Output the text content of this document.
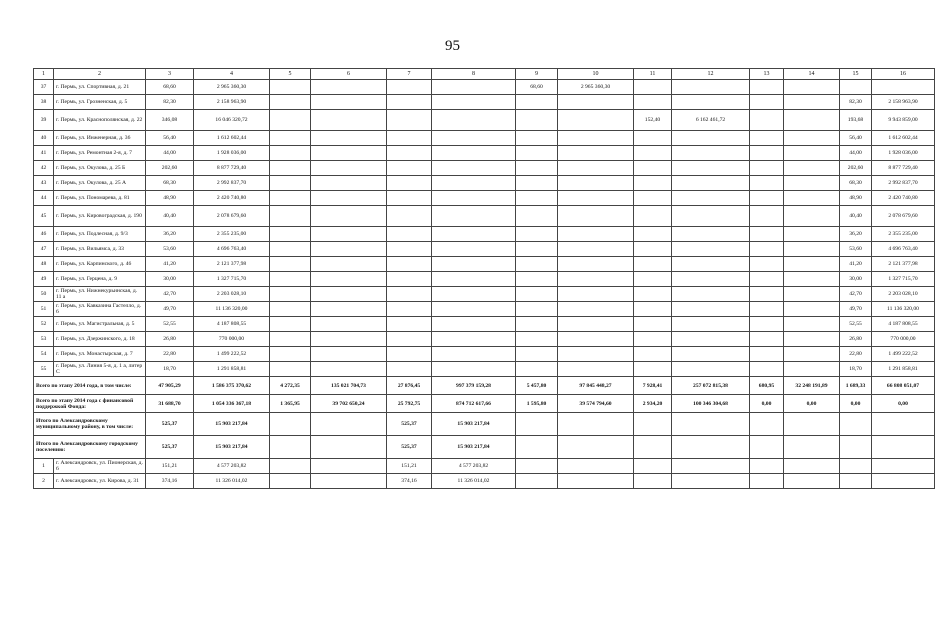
95
1	2	3	4	5	6	7	8	9	10	11	12	13	14	15	16
37	г. Пермь, ул. Спортивная, д. 21	68,60	2 965 360,30					68,60	2 965 360,30						
38	г. Пермь, ул. Грозненская, д. 5	82,30	2 158 963,90											82,30	2 158 963,90
39	г. Пермь, ул. Краснополянская, д. 22	346,08	16 046 320,72							152,40	6 162 461,72			193,68	9 943 859,00
40	г. Пермь, ул. Инженерная, д. 36	56,40	1 612 602,44											56,40	1 612 602,44
41	г. Пермь, ул. Ремонтная 2-я, д. 7	44,00	1 928 036,00											44,00	1 928 036,00
42	г. Пермь, ул. Окулова, д. 25 Б	202,60	8 877 729,40											202,60	8 877 729,40
43	г. Пермь, ул. Окулова, д. 25 А	68,30	2 992 837,70											68,30	2 992 837,70
44	г. Пермь, ул. Пономарева, д. 81	48,90	2 420 740,80											48,90	2 420 740,80
45	г. Пермь, ул. Кировоградская, д. 190	40,40	2 078 679,60											40,40	2 078 679,60
46	г. Пермь, ул. Подлесная, д. 9/3	36,20	2 355 235,00											36,20	2 355 235,00
47	г. Пермь, ул. Вильямса, д. 33	53,60	4 696 763,40											53,60	4 696 763,40
48	г. Пермь, ул. Карпинского, д. 46	41,20	2 121 377,98											41,20	2 121 377,98
49	г. Пермь, ул. Герцена, д. 9	30,00	1 327 715,70											30,00	1 327 715,70
50	г. Пермь, ул. Нижнекурьинская, д. 11 а	42,70	2 203 028,10											42,70	2 203 028,10
51	г. Пермь, ул. Кавказина Гастелло, д. 6	49,70	11 136 320,00											49,70	11 136 320,00
52	г. Пермь, ул. Магистральная, д. 5	52,55	4 187 808,55											52,55	4 187 808,55
53	г. Пермь, ул. Дзержинского, д. 18	26,80	770 000,00											26,80	770 000,00
54	г. Пермь, ул. Монастырская, д. 7	22,80	1 499 222,52											22,80	1 499 222,52
55	г. Пермь, ул. Линия 5-я, д. 1 а, литер С	18,70	1 291 858,81											18,70	1 291 858,81
Всего по этапу 2014 года, в том числе:		47 905,29	1 586 375 370,62	4 272,35	135 021 704,73	27 876,45	997 379 159,28	5 457,80	97 845 448,27	7 928,41	257 072 815,38	680,95	32 248 191,89	1 689,33	66 808 051,07
Всего по этапу 2014 года с финансовой поддержкой Фонда:		31 688,70	1 054 336 367,18	1 365,95	39 702 650,24	25 792,75	874 712 617,66	1 595,80	39 574 794,60	2 934,20	100 346 304,68	0,00	0,00	0,00	0,00
Итого по Александровскому муниципальному району, в том числе:		525,37	15 903 217,84			525,37	15 903 217,84								
Итого по Александровскому городскому поселению:		525,37	15 903 217,84			525,37	15 903 217,84								
1	г. Александровск, ул. Пионерская, д. 6	151,21	4 577 203,82			151,21	4 577 203,82								
2	г. Александровск, ул. Кирова, д. 31	374,16	11 326 014,02			374,16	11 326 014,02								
